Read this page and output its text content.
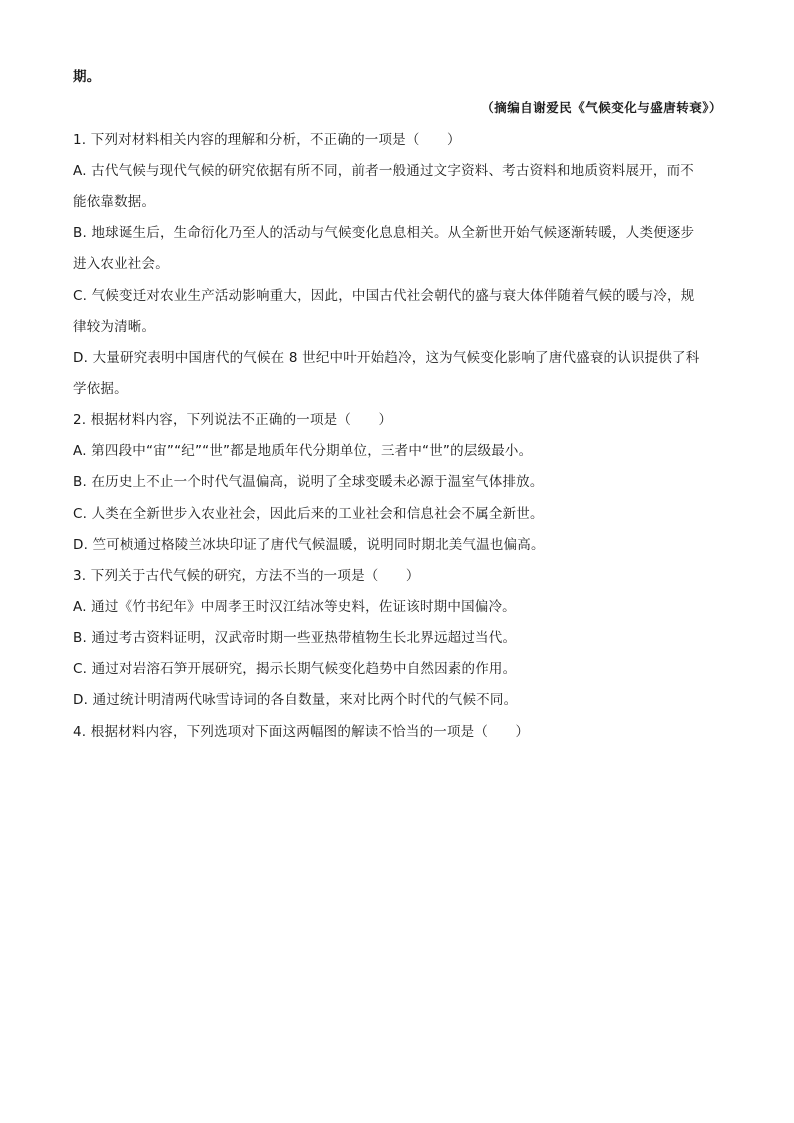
期。
（摘编自谢爱民《气候变化与盛唐转衰》）
1. 下列对材料相关内容的理解和分析，不正确的一项是（　　）
A. 古代气候与现代气候的研究依据有所不同，前者一般通过文字资料、考古资料和地质资料展开，而不
能依靠数据。
B. 地球诞生后，生命衍化乃至人的活动与气候变化息息相关。从全新世开始气候逐渐转暖，人类便逐步
进入农业社会。
C. 气候变迁对农业生产活动影响重大，因此，中国古代社会朝代的盛与衰大体伴随着气候的暖与冷，规
律较为清晰。
D. 大量研究表明中国唐代的气候在 8 世纪中叶开始趋冷，这为气候变化影响了唐代盛衰的认识提供了科
学依据。
2. 根据材料内容，下列说法不正确的一项是（　　）
A. 第四段中“宙”“纪”“世”都是地质年代分期单位，三者中“世”的层级最小。
B. 在历史上不止一个时代气温偏高，说明了全球变暖未必源于温室气体排放。
C. 人类在全新世步入农业社会，因此后来的工业社会和信息社会不属全新世。
D. 竺可桢通过格陵兰冰块印证了唐代气候温暖，说明同时期北美气温也偏高。
3. 下列关于古代气候的研究，方法不当的一项是（　　）
A. 通过《竹书纪年》中周孝王时汉江结冰等史料，佐证该时期中国偏冷。
B. 通过考古资料证明，汉武帝时期一些亚热带植物生长北界远超过当代。
C. 通过对岩溶石笋开展研究，揭示长期气候变化趋势中自然因素的作用。
D. 通过统计明清两代咏雪诗词的各自数量，来对比两个时代的气候不同。
4. 根据材料内容，下列选项对下面这两幅图的解读不恰当的一项是（　　）
